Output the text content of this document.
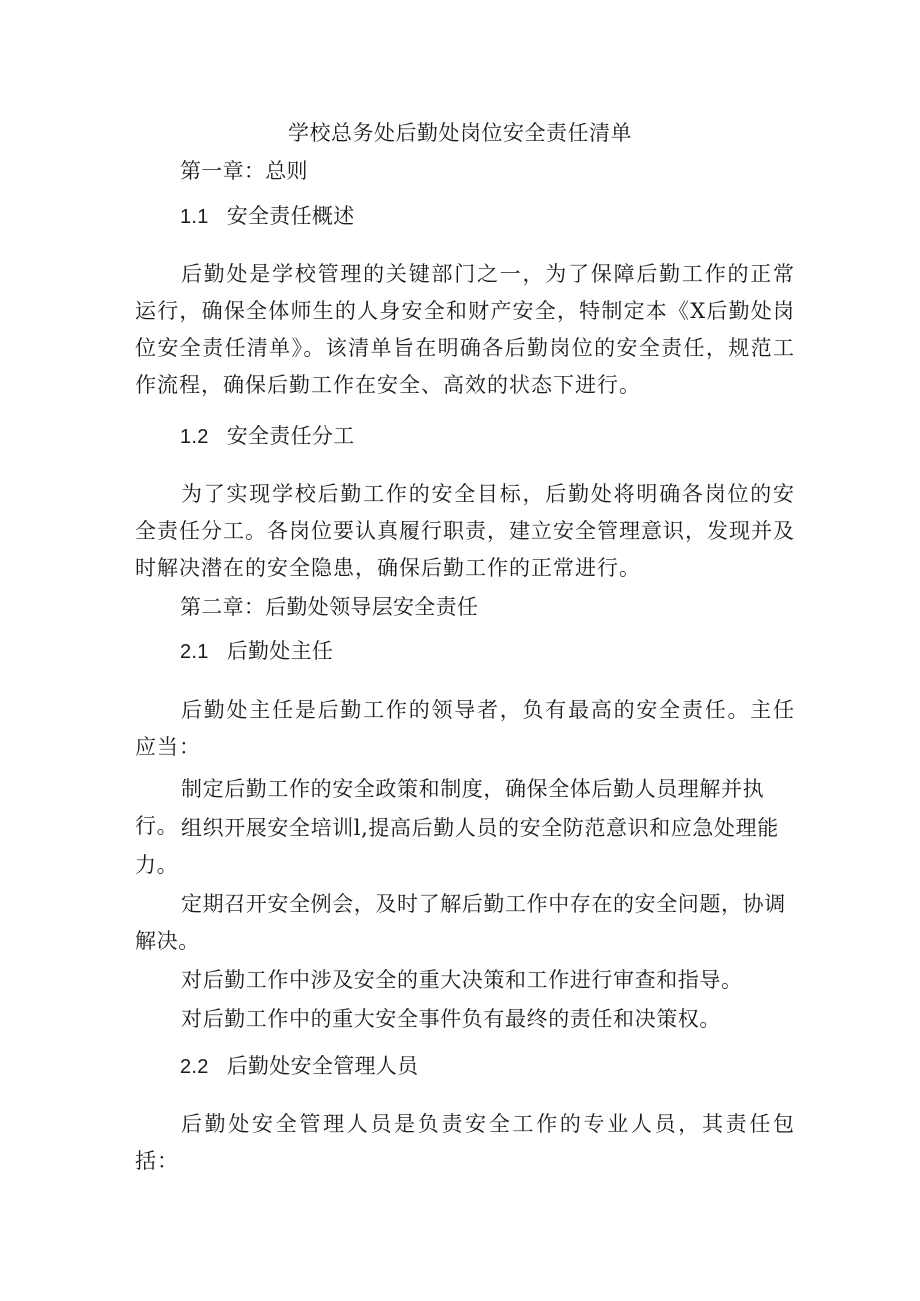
学校总务处后勤处岗位安全责任清单
第一章：总则
1.1 安全责任概述
后勤处是学校管理的关键部门之一，为了保障后勤工作的正常运行，确保全体师生的人身安全和财产安全，特制定本《X后勤处岗位安全责任清单》。该清单旨在明确各后勤岗位的安全责任，规范工作流程，确保后勤工作在安全、高效的状态下进行。
1.2 安全责任分工
为了实现学校后勤工作的安全目标，后勤处将明确各岗位的安全责任分工。各岗位要认真履行职责，建立安全管理意识，发现并及时解决潜在的安全隐患，确保后勤工作的正常进行。
第二章：后勤处领导层安全责任
2.1 后勤处主任
后勤处主任是后勤工作的领导者，负有最高的安全责任。主任应当：
制定后勤工作的安全政策和制度，确保全体后勤人员理解并执行。 组织开展安全培训l,提高后勤人员的安全防范意识和应急处理能力。
定期召开安全例会，及时了解后勤工作中存在的安全问题，协调解决。
对后勤工作中涉及安全的重大决策和工作进行审查和指导。
对后勤工作中的重大安全事件负有最终的责任和决策权。
2.2 后勤处安全管理人员
后勤处安全管理人员是负责安全工作的专业人员，其责任包括：
